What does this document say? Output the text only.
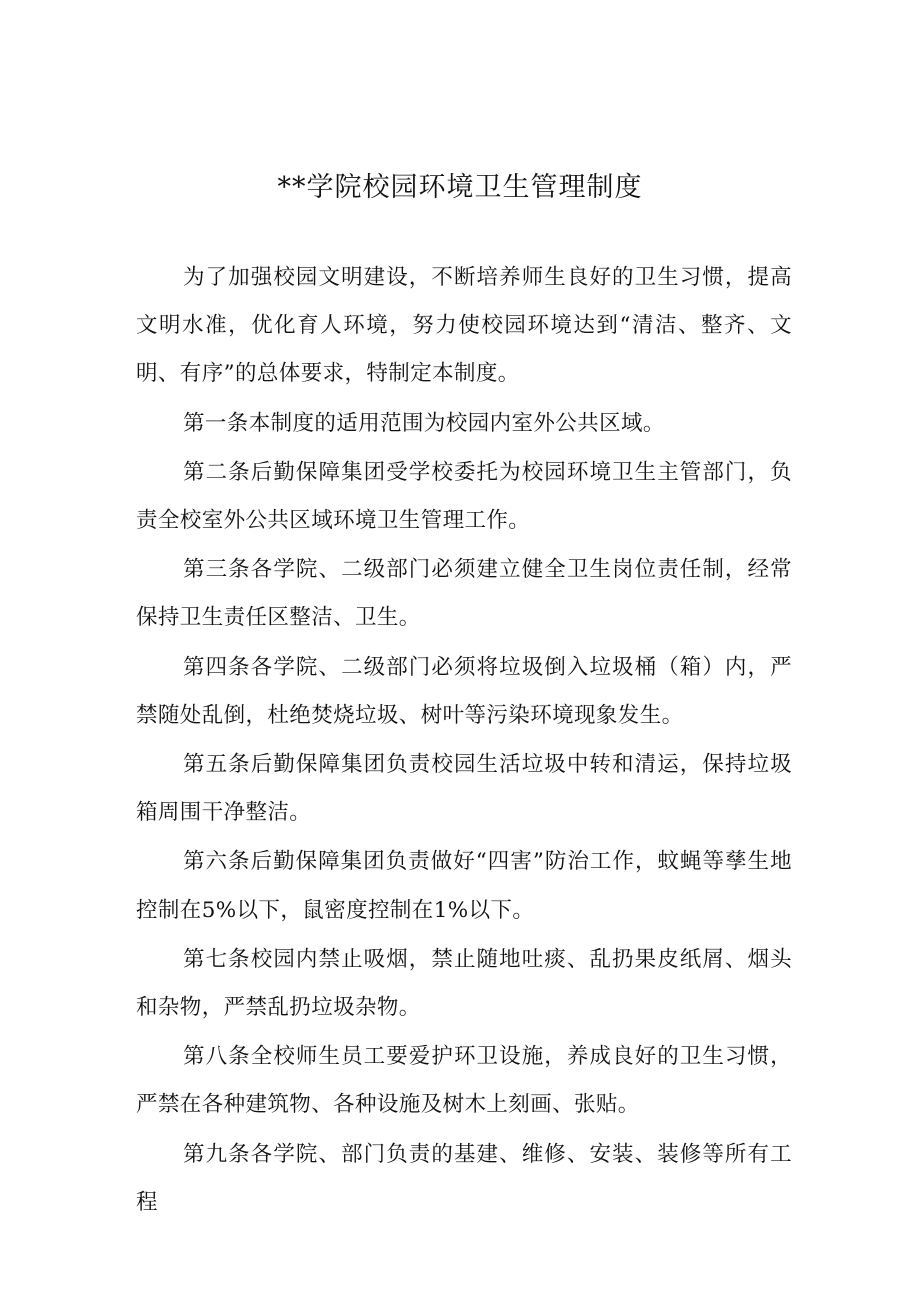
**学院校园环境卫生管理制度

为了加强校园文明建设，不断培养师生良好的卫生习惯，提高文明水准，优化育人环境，努力使校园环境达到“清洁、整齐、文明、有序”的总体要求，特制定本制度。

第一条本制度的适用范围为校园内室外公共区域。

第二条后勤保障集团受学校委托为校园环境卫生主管部门，负责全校室外公共区域环境卫生管理工作。

第三条各学院、二级部门必须建立健全卫生岗位责任制，经常保持卫生责任区整洁、卫生。

第四条各学院、二级部门必须将垃圾倒入垃圾桶（箱）内，严禁随处乱倒，杜绝焚烧垃圾、树叶等污染环境现象发生。

第五条后勤保障集团负责校园生活垃圾中转和清运，保持垃圾箱周围干净整洁。

第六条后勤保障集团负责做好“四害”防治工作，蚊蝇等孳生地控制在5%以下，鼠密度控制在1%以下。

第七条校园内禁止吸烟，禁止随地吐痰、乱扔果皮纸屑、烟头和杂物，严禁乱扔垃圾杂物。

第八条全校师生员工要爱护环卫设施，养成良好的卫生习惯，严禁在各种建筑物、各种设施及树木上刻画、张贴。

第九条各学院、部门负责的基建、维修、安装、装修等所有工程
